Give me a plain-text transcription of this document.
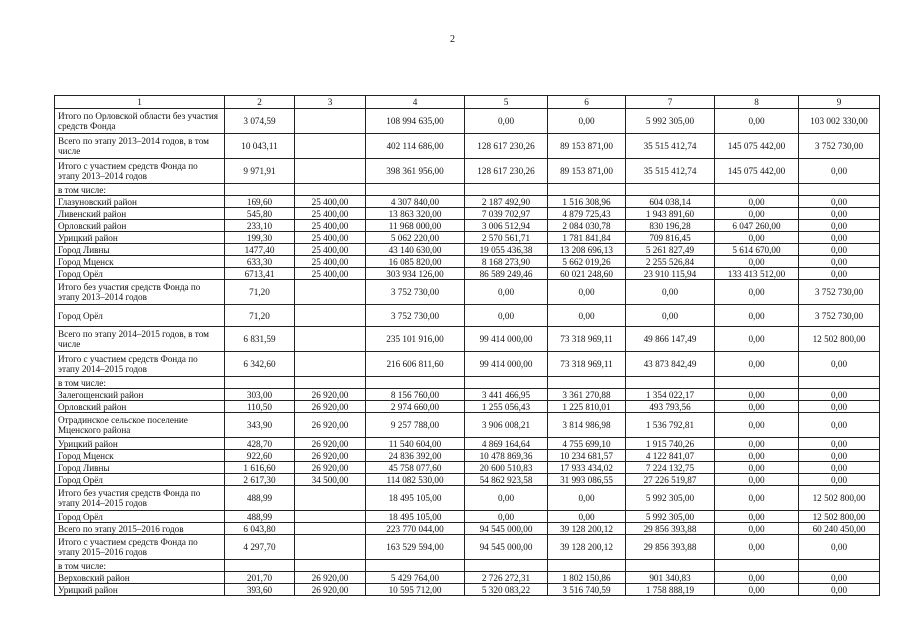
2
1	2	3	4	5	6	7	8	9
Итого по Орловской области без участия средств Фонда	3 074,59		108 994 635,00	0,00	0,00	5 992 305,00	0,00	103 002 330,00
Всего по этапу 2013–2014 годов, в том числе	10 043,11		402 114 686,00	128 617 230,26	89 153 871,00	35 515 412,74	145 075 442,00	3 752 730,00
Итого с участием средств Фонда по этапу 2013–2014 годов	9 971,91		398 361 956,00	128 617 230,26	89 153 871,00	35 515 412,74	145 075 442,00	0,00
в том числе:								
Глазуновский район	169,60	25 400,00	4 307 840,00	2 187 492,90	1 516 308,96	604 038,14	0,00	0,00
Ливенский район	545,80	25 400,00	13 863 320,00	7 039 702,97	4 879 725,43	1 943 891,60	0,00	0,00
Орловский район	233,10	25 400,00	11 968 000,00	3 006 512,94	2 084 030,78	830 196,28	6 047 260,00	0,00
Урицкий район	199,30	25 400,00	5 062 220,00	2 570 561,71	1 781 841,84	709 816,45	0,00	0,00
Город Ливны	1477,40	25 400,00	43 140 630,00	19 055 436,38	13 208 696,13	5 261 827,49	5 614 670,00	0,00
Город Мценск	633,30	25 400,00	16 085 820,00	8 168 273,90	5 662 019,26	2 255 526,84	0,00	0,00
Город Орёл	6713,41	25 400,00	303 934 126,00	86 589 249,46	60 021 248,60	23 910 115,94	133 413 512,00	0,00
Итого без участия средств Фонда по этапу 2013–2014 годов	71,20		3 752 730,00	0,00	0,00	0,00	0,00	3 752 730,00
Город Орёл	71,20		3 752 730,00	0,00	0,00	0,00	0,00	3 752 730,00
Всего по этапу 2014–2015 годов, в том числе	6 831,59		235 101 916,00	99 414 000,00	73 318 969,11	49 866 147,49	0,00	12 502 800,00
Итого с участием средств Фонда по этапу 2014–2015 годов	6 342,60		216 606 811,60	99 414 000,00	73 318 969,11	43 873 842,49	0,00	0,00
в том числе:								
Залегощенский район	303,00	26 920,00	8 156 760,00	3 441 466,95	3 361 270,88	1 354 022,17	0,00	0,00
Орловский район	110,50	26 920,00	2 974 660,00	1 255 056,43	1 225 810,01	493 793,56	0,00	0,00
Отрадинское сельское поселение Мценского района	343,90	26 920,00	9 257 788,00	3 906 008,21	3 814 986,98	1 536 792,81	0,00	0,00
Урицкий район	428,70	26 920,00	11 540 604,00	4 869 164,64	4 755 699,10	1 915 740,26	0,00	0,00
Город Мценск	922,60	26 920,00	24 836 392,00	10 478 869,36	10 234 681,57	4 122 841,07	0,00	0,00
Город Ливны	1 616,60	26 920,00	45 758 077,60	20 600 510,83	17 933 434,02	7 224 132,75	0,00	0,00
Город Орёл	2 617,30	34 500,00	114 082 530,00	54 862 923,58	31 993 086,55	27 226 519,87	0,00	0,00
Итого без участия средств Фонда по этапу 2014–2015 годов	488,99		18 495 105,00	0,00	0,00	5 992 305,00	0,00	12 502 800,00
Город Орёл	488,99		18 495 105,00	0,00	0,00	5 992 305,00	0,00	12 502 800,00
Всего по этапу 2015–2016 годов	6 043,80		223 770 044,00	94 545 000,00	39 128 200,12	29 856 393,88	0,00	60 240 450,00
Итого с участием средств Фонда по этапу 2015–2016 годов	4 297,70		163 529 594,00	94 545 000,00	39 128 200,12	29 856 393,88	0,00	0,00
в том числе:								
Верховский район	201,70	26 920,00	5 429 764,00	2 726 272,31	1 802 150,86	901 340,83	0,00	0,00
Урицкий район	393,60	26 920,00	10 595 712,00	5 320 083,22	3 516 740,59	1 758 888,19	0,00	0,00
